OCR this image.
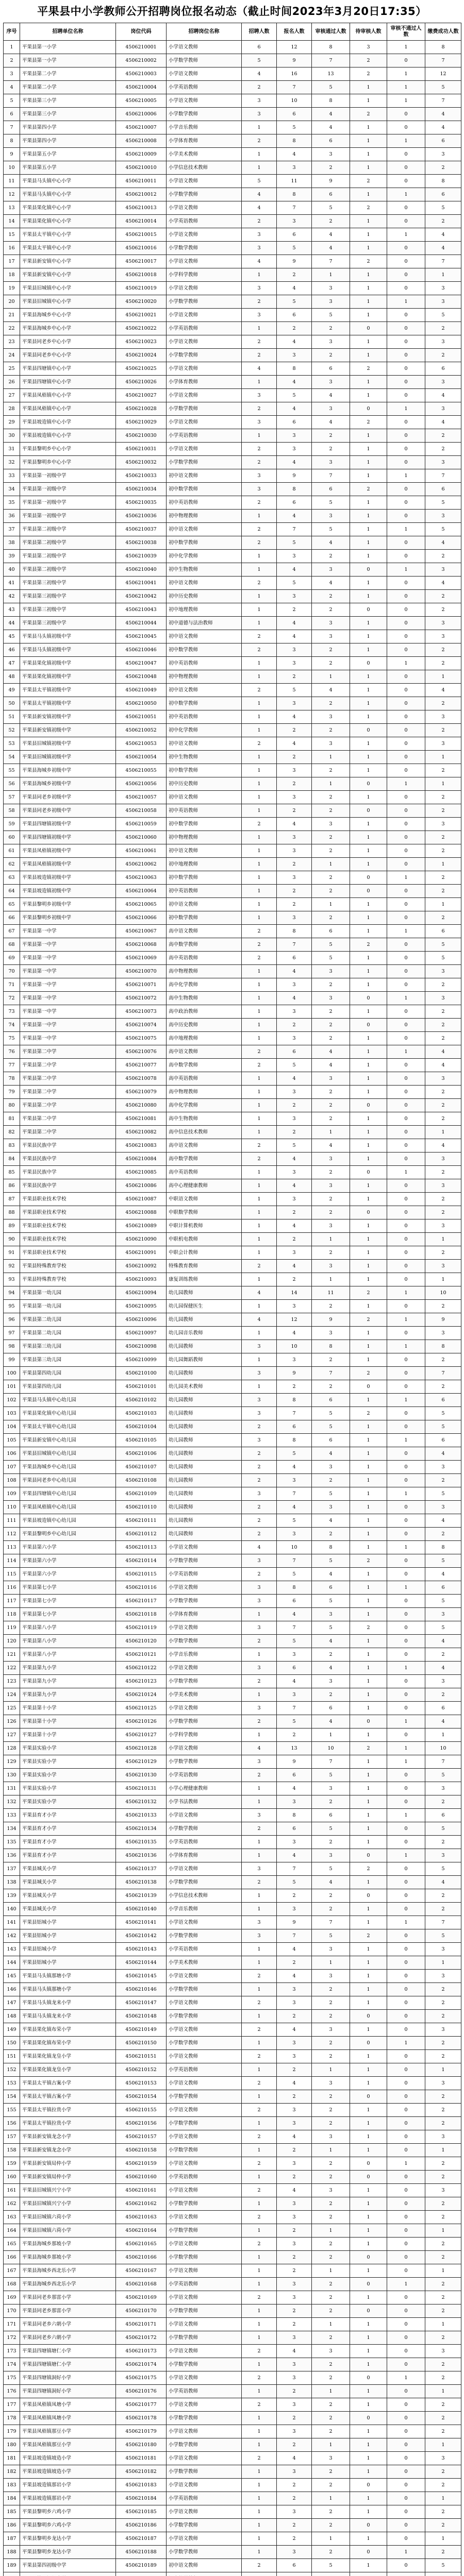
平果县中小学教师公开招聘岗位报名动态（截止时间2023年3月20日17:35）
序号	招聘单位名称	岗位代码	招聘岗位名称	招聘人数	报名人数	审核通过人数	待审核人数	审核不通过人数	缴费成功人数
1	平果县第一小学	4506210001	小学语文教师	6	12	8	3	1	8
2	平果县第一小学	4506210002	小学数学教师	5	9	7	2	0	7
3	平果县第二小学	4506210003	小学语文教师	4	16	13	2	1	12
4	平果县第二小学	4506210004	小学英语教师	2	7	5	1	1	5
5	平果县第三小学	4506210005	小学语文教师	3	10	8	1	1	7
6	平果县第三小学	4506210006	小学数学教师	3	6	4	2	0	4
7	平果县第四小学	4506210007	小学音乐教师	1	5	4	1	0	4
8	平果县第四小学	4506210008	小学体育教师	2	8	6	1	1	6
9	平果县第五小学	4506210009	小学美术教师	1	4	3	1	0	3
10	平果县第五小学	4506210010	小学信息技术教师	1	3	2	1	0	2
11	平果县马头镇中心小学	4506210011	小学语文教师	5	11	9	2	0	8
12	平果县马头镇中心小学	4506210012	小学数学教师	4	8	6	1	1	6
13	平果县果化镇中心小学	4506210013	小学语文教师	4	7	5	2	0	5
14	平果县果化镇中心小学	4506210014	小学英语教师	2	3	2	1	0	2
15	平果县太平镇中心小学	4506210015	小学语文教师	3	6	4	1	1	4
16	平果县太平镇中心小学	4506210016	小学数学教师	3	5	4	1	0	4
17	平果县新安镇中心小学	4506210017	小学语文教师	4	9	7	2	0	7
18	平果县新安镇中心小学	4506210018	小学科学教师	1	2	1	1	0	1
19	平果县旧城镇中心小学	4506210019	小学语文教师	3	4	3	1	0	3
20	平果县旧城镇中心小学	4506210020	小学数学教师	2	5	3	1	1	3
21	平果县海城乡中心小学	4506210021	小学语文教师	3	6	5	1	0	5
22	平果县海城乡中心小学	4506210022	小学英语教师	1	2	2	0	0	2
23	平果县同老乡中心小学	4506210023	小学语文教师	2	4	3	1	0	3
24	平果县同老乡中心小学	4506210024	小学数学教师	2	3	2	1	0	2
25	平果县四塘镇中心小学	4506210025	小学语文教师	4	8	6	2	0	6
26	平果县四塘镇中心小学	4506210026	小学体育教师	1	4	3	1	0	3
27	平果县凤梧镇中心小学	4506210027	小学语文教师	3	5	4	1	0	4
28	平果县凤梧镇中心小学	4506210028	小学数学教师	2	4	3	0	1	3
29	平果县坡造镇中心小学	4506210029	小学语文教师	3	6	4	2	0	4
30	平果县坡造镇中心小学	4506210030	小学英语教师	1	3	2	1	0	2
31	平果县黎明乡中心小学	4506210031	小学语文教师	2	3	2	1	0	2
32	平果县黎明乡中心小学	4506210032	小学数学教师	2	4	3	1	0	3
33	平果县第一初级中学	4506210033	初中语文教师	3	9	7	1	1	7
34	平果县第一初级中学	4506210034	初中数学教师	3	8	6	2	0	6
35	平果县第一初级中学	4506210035	初中英语教师	2	6	5	1	0	5
36	平果县第一初级中学	4506210036	初中物理教师	1	4	3	1	0	3
37	平果县第二初级中学	4506210037	初中语文教师	2	7	5	1	1	5
38	平果县第二初级中学	4506210038	初中数学教师	2	5	4	1	0	4
39	平果县第二初级中学	4506210039	初中化学教师	1	3	2	1	0	2
40	平果县第二初级中学	4506210040	初中生物教师	1	4	3	0	1	3
41	平果县第三初级中学	4506210041	初中语文教师	2	5	4	1	0	4
42	平果县第三初级中学	4506210042	初中历史教师	1	3	2	1	0	2
43	平果县第三初级中学	4506210043	初中地理教师	1	2	2	0	0	2
44	平果县第三初级中学	4506210044	初中道德与法治教师	1	4	3	1	0	3
45	平果县马头镇初级中学	4506210045	初中语文教师	2	4	3	1	0	3
46	平果县马头镇初级中学	4506210046	初中数学教师	2	3	2	1	0	2
47	平果县果化镇初级中学	4506210047	初中英语教师	1	3	2	0	1	2
48	平果县果化镇初级中学	4506210048	初中物理教师	1	2	1	1	0	1
49	平果县太平镇初级中学	4506210049	初中语文教师	2	5	4	1	0	4
50	平果县太平镇初级中学	4506210050	初中数学教师	1	3	2	1	0	2
51	平果县新安镇初级中学	4506210051	初中英语教师	1	4	3	1	0	3
52	平果县新安镇初级中学	4506210052	初中化学教师	1	2	2	0	0	2
53	平果县旧城镇初级中学	4506210053	初中语文教师	2	4	3	1	0	3
54	平果县旧城镇初级中学	4506210054	初中生物教师	1	2	1	1	0	1
55	平果县海城乡初级中学	4506210055	初中数学教师	1	3	2	1	0	2
56	平果县海城乡初级中学	4506210056	初中历史教师	1	2	1	0	1	1
57	平果县同老乡初级中学	4506210057	初中语文教师	1	3	2	1	0	2
58	平果县同老乡初级中学	4506210058	初中英语教师	1	2	2	0	0	2
59	平果县四塘镇初级中学	4506210059	初中数学教师	2	4	3	1	0	3
60	平果县四塘镇初级中学	4506210060	初中物理教师	1	3	2	1	0	2
61	平果县凤梧镇初级中学	4506210061	初中语文教师	1	3	2	1	0	2
62	平果县凤梧镇初级中学	4506210062	初中地理教师	1	2	1	1	0	1
63	平果县坡造镇初级中学	4506210063	初中数学教师	1	3	2	0	1	2
64	平果县坡造镇初级中学	4506210064	初中英语教师	1	2	2	0	0	2
65	平果县黎明乡初级中学	4506210065	初中语文教师	1	2	1	1	0	1
66	平果县黎明乡初级中学	4506210066	初中数学教师	1	3	2	1	0	2
67	平果县第一中学	4506210067	高中语文教师	2	8	6	1	1	6
68	平果县第一中学	4506210068	高中数学教师	2	7	5	2	0	5
69	平果县第一中学	4506210069	高中英语教师	2	6	5	1	0	5
70	平果县第一中学	4506210070	高中物理教师	1	4	3	1	0	3
71	平果县第一中学	4506210071	高中化学教师	1	3	2	1	0	2
72	平果县第一中学	4506210072	高中生物教师	1	4	3	0	1	3
73	平果县第一中学	4506210073	高中政治教师	1	3	2	1	0	2
74	平果县第一中学	4506210074	高中历史教师	1	2	2	0	0	2
75	平果县第一中学	4506210075	高中地理教师	1	3	2	1	0	2
76	平果县第二中学	4506210076	高中语文教师	2	6	4	1	1	4
77	平果县第二中学	4506210077	高中数学教师	2	5	4	1	0	4
78	平果县第二中学	4506210078	高中英语教师	1	4	3	1	0	3
79	平果县第二中学	4506210079	高中物理教师	1	3	2	1	0	2
80	平果县第二中学	4506210080	高中化学教师	1	2	2	0	0	2
81	平果县第二中学	4506210081	高中生物教师	1	3	2	1	0	2
82	平果县第二中学	4506210082	高中信息技术教师	1	2	1	1	0	1
83	平果县民族中学	4506210083	高中语文教师	2	5	4	1	0	4
84	平果县民族中学	4506210084	高中数学教师	2	4	3	1	0	3
85	平果县民族中学	4506210085	高中英语教师	1	3	2	0	1	2
86	平果县民族中学	4506210086	高中心理健康教师	1	4	3	1	0	3
87	平果县职业技术学校	4506210087	中职语文教师	1	3	2	1	0	2
88	平果县职业技术学校	4506210088	中职数学教师	1	2	2	0	0	2
89	平果县职业技术学校	4506210089	中职计算机教师	1	4	3	1	0	3
90	平果县职业技术学校	4506210090	中职机电教师	1	2	1	1	0	1
91	平果县职业技术学校	4506210091	中职会计教师	1	3	2	1	0	2
92	平果县特殊教育学校	4506210092	特殊教育教师	2	4	3	1	0	3
93	平果县特殊教育学校	4506210093	康复训练教师	1	2	1	1	0	1
94	平果县第一幼儿园	4506210094	幼儿园教师	4	14	11	2	1	10
95	平果县第一幼儿园	4506210095	幼儿园保健医生	1	3	2	1	0	2
96	平果县第二幼儿园	4506210096	幼儿园教师	4	12	9	2	1	9
97	平果县第二幼儿园	4506210097	幼儿园音乐教师	1	4	3	1	0	3
98	平果县第三幼儿园	4506210098	幼儿园教师	3	10	8	1	1	8
99	平果县第三幼儿园	4506210099	幼儿园舞蹈教师	1	3	2	1	0	2
100	平果县第四幼儿园	4506210100	幼儿园教师	3	9	7	2	0	7
101	平果县第四幼儿园	4506210101	幼儿园美术教师	1	2	2	0	0	2
102	平果县马头镇中心幼儿园	4506210102	幼儿园教师	3	8	6	1	1	6
103	平果县果化镇中心幼儿园	4506210103	幼儿园教师	3	7	5	2	0	5
104	平果县太平镇中心幼儿园	4506210104	幼儿园教师	2	6	5	1	0	5
105	平果县新安镇中心幼儿园	4506210105	幼儿园教师	3	8	6	1	1	6
106	平果县旧城镇中心幼儿园	4506210106	幼儿园教师	2	5	4	1	0	4
107	平果县海城乡中心幼儿园	4506210107	幼儿园教师	2	4	3	1	0	3
108	平果县同老乡中心幼儿园	4506210108	幼儿园教师	2	3	2	1	0	2
109	平果县四塘镇中心幼儿园	4506210109	幼儿园教师	3	7	5	1	1	5
110	平果县凤梧镇中心幼儿园	4506210110	幼儿园教师	2	4	3	1	0	3
111	平果县坡造镇中心幼儿园	4506210111	幼儿园教师	2	5	4	1	0	4
112	平果县黎明乡中心幼儿园	4506210112	幼儿园教师	2	3	2	1	0	2
113	平果县第六小学	4506210113	小学语文教师	4	10	8	1	1	8
114	平果县第六小学	4506210114	小学数学教师	3	7	5	2	0	5
115	平果县第六小学	4506210115	小学英语教师	2	5	4	1	0	4
116	平果县第七小学	4506210116	小学语文教师	3	8	6	1	1	6
117	平果县第七小学	4506210117	小学数学教师	3	6	5	1	0	5
118	平果县第七小学	4506210118	小学体育教师	1	4	3	1	0	3
119	平果县第八小学	4506210119	小学语文教师	3	7	5	2	0	5
120	平果县第八小学	4506210120	小学数学教师	2	5	4	1	0	4
121	平果县第八小学	4506210121	小学音乐教师	1	3	2	1	0	2
122	平果县第九小学	4506210122	小学语文教师	3	6	4	1	1	4
123	平果县第九小学	4506210123	小学数学教师	2	4	3	1	0	3
124	平果县第九小学	4506210124	小学美术教师	1	3	2	1	0	2
125	平果县第十小学	4506210125	小学语文教师	3	7	6	1	0	6
126	平果县第十小学	4506210126	小学数学教师	2	5	4	0	1	4
127	平果县第十小学	4506210127	小学科学教师	1	2	1	1	0	1
128	平果县实验小学	4506210128	小学语文教师	4	13	10	2	1	10
129	平果县实验小学	4506210129	小学数学教师	3	9	7	1	1	7
130	平果县实验小学	4506210130	小学英语教师	2	6	5	1	0	5
131	平果县实验小学	4506210131	小学心理健康教师	1	4	3	1	0	3
132	平果县实验小学	4506210132	小学书法教师	1	3	2	1	0	2
133	平果县育才小学	4506210133	小学语文教师	3	8	6	1	1	6
134	平果县育才小学	4506210134	小学数学教师	2	6	5	1	0	5
135	平果县育才小学	4506210135	小学英语教师	1	3	2	1	0	2
136	平果县育才小学	4506210136	小学体育教师	1	4	3	0	1	3
137	平果县城关小学	4506210137	小学语文教师	3	7	5	2	0	5
138	平果县城关小学	4506210138	小学数学教师	2	5	4	1	0	4
139	平果县城关小学	4506210139	小学信息技术教师	1	2	2	0	0	2
140	平果县城关小学	4506210140	小学音乐教师	1	3	2	1	0	2
141	平果县铝城小学	4506210141	小学语文教师	3	9	7	1	1	7
142	平果县铝城小学	4506210142	小学数学教师	3	7	5	2	0	5
143	平果县铝城小学	4506210143	小学英语教师	1	4	3	1	0	3
144	平果县铝城小学	4506210144	小学美术教师	1	2	1	1	0	1
145	平果县马头镇那塘小学	4506210145	小学语文教师	2	4	3	1	0	3
146	平果县马头镇那塘小学	4506210146	小学数学教师	1	3	2	1	0	2
147	平果县马头镇龙来小学	4506210147	小学语文教师	2	3	2	1	0	2
148	平果县马头镇龙来小学	4506210148	小学数学教师	1	2	2	0	0	2
149	平果县果化镇布荣小学	4506210149	小学语文教师	2	4	3	1	0	3
150	平果县果化镇布荣小学	4506210150	小学数学教师	1	3	2	0	1	2
151	平果县果化镇龙皇小学	4506210151	小学语文教师	2	3	2	1	0	2
152	平果县果化镇龙皇小学	4506210152	小学英语教师	1	2	1	1	0	1
153	平果县太平镇古案小学	4506210153	小学语文教师	2	4	3	1	0	3
154	平果县太平镇古案小学	4506210154	小学数学教师	1	2	2	0	0	2
155	平果县太平镇拉贵小学	4506210155	小学语文教师	2	3	2	1	0	2
156	平果县太平镇拉贵小学	4506210156	小学数学教师	1	3	2	1	0	2
157	平果县新安镇龙念小学	4506210157	小学语文教师	2	4	3	1	0	3
158	平果县新安镇龙念小学	4506210158	小学数学教师	1	2	1	1	0	1
159	平果县新安镇局仲小学	4506210159	小学语文教师	2	3	2	0	1	2
160	平果县新安镇局仲小学	4506210160	小学英语教师	1	2	2	0	0	2
161	平果县旧城镇兴宁小学	4506210161	小学语文教师	2	4	3	1	0	3
162	平果县旧城镇兴宁小学	4506210162	小学数学教师	1	3	2	1	0	2
163	平果县旧城镇六荷小学	4506210163	小学语文教师	2	3	2	1	0	2
164	平果县旧城镇六荷小学	4506210164	小学数学教师	1	2	1	1	0	1
165	平果县海城乡那坡小学	4506210165	小学语文教师	2	3	2	1	0	2
166	平果县海城乡那坡小学	4506210166	小学数学教师	1	2	2	0	0	2
167	平果县海城乡西北乐小学	4506210167	小学语文教师	1	2	1	1	0	1
168	平果县海城乡西北乐小学	4506210168	小学英语教师	1	3	2	0	1	2
169	平果县同老乡那雷小学	4506210169	小学语文教师	2	3	2	1	0	2
170	平果县同老乡那雷小学	4506210170	小学数学教师	1	2	2	0	0	2
171	平果县同老乡六朝小学	4506210171	小学语文教师	1	2	1	1	0	1
172	平果县同老乡六朝小学	4506210172	小学数学教师	1	3	2	1	0	2
173	平果县四塘镇塘仁小学	4506210173	小学语文教师	2	4	3	1	0	3
174	平果县四塘镇塘仁小学	4506210174	小学数学教师	1	3	2	1	0	2
175	平果县四塘镇洞好小学	4506210175	小学语文教师	2	3	2	0	1	2
176	平果县四塘镇洞好小学	4506210176	小学英语教师	1	2	1	1	0	1
177	平果县凤梧镇凤塘小学	4506210177	小学语文教师	2	3	2	1	0	2
178	平果县凤梧镇凤塘小学	4506210178	小学数学教师	1	2	2	0	0	2
179	平果县凤梧镇那豆小学	4506210179	小学语文教师	1	3	2	1	0	2
180	平果县凤梧镇那豆小学	4506210180	小学数学教师	1	2	1	1	0	1
181	平果县坡造镇坡造小学	4506210181	小学语文教师	2	4	3	1	0	3
182	平果县坡造镇坡造小学	4506210182	小学数学教师	1	3	2	1	0	2
183	平果县坡造镇那岩小学	4506210183	小学语文教师	1	2	2	0	0	2
184	平果县坡造镇那岩小学	4506210184	小学英语教师	1	2	1	1	0	1
185	平果县黎明乡六鸡小学	4506210185	小学语文教师	1	3	2	1	0	2
186	平果县黎明乡六鸡小学	4506210186	小学数学教师	1	2	2	0	0	2
187	平果县黎明乡龙达小学	4506210187	小学语文教师	1	2	1	1	0	1
188	平果县黎明乡龙达小学	4506210188	小学数学教师	1	3	2	0	1	2
189	平果县第四初级中学	4506210189	初中语文教师	2	6	5	1	0	5
